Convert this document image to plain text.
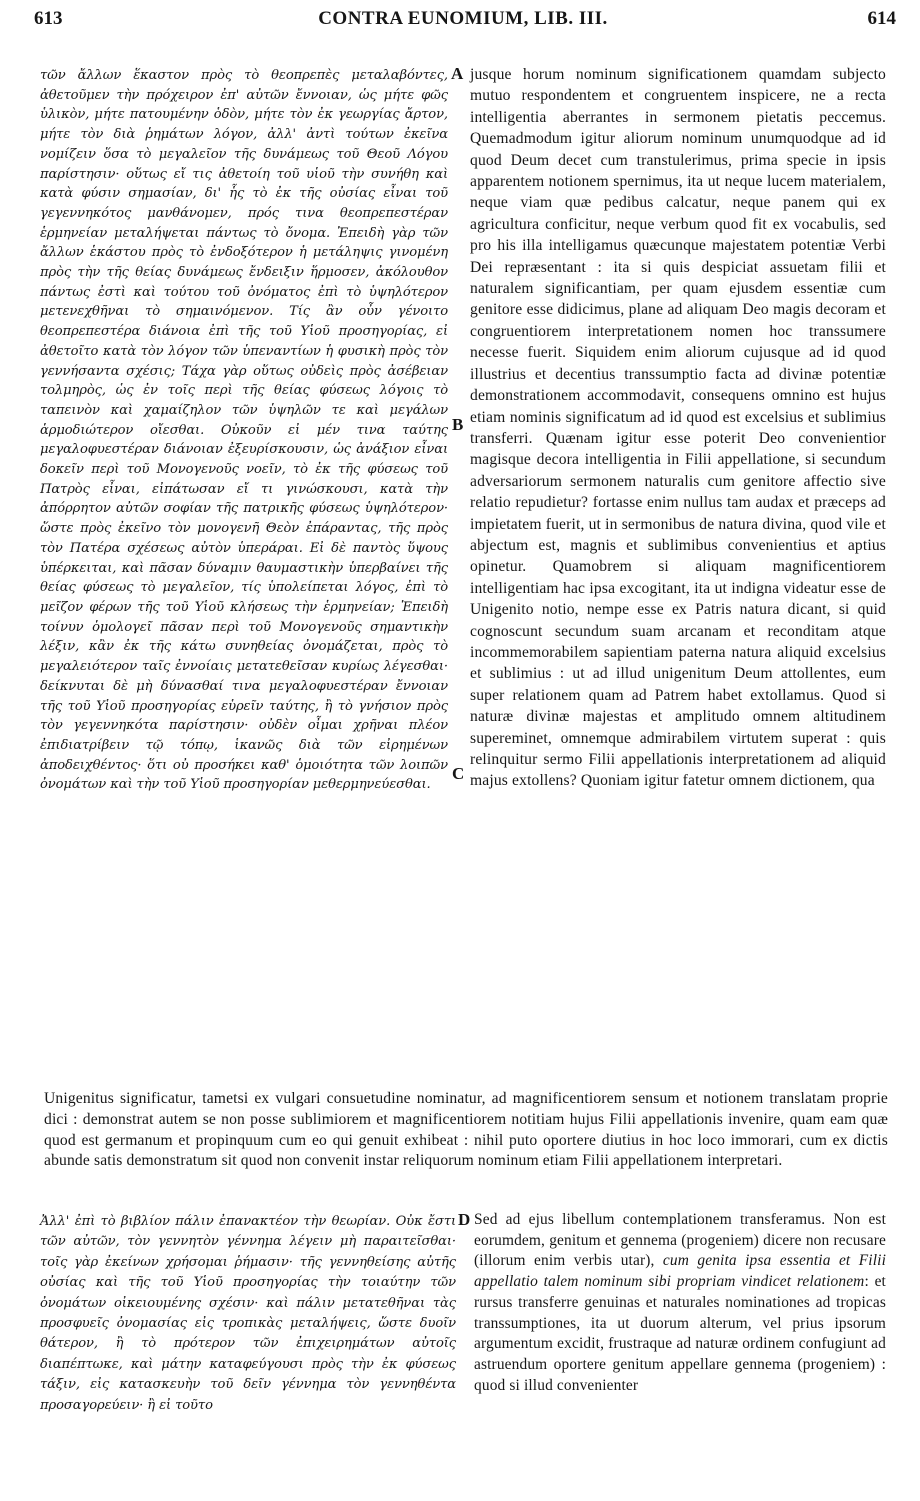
613	CONTRA EUNOMIUM, LIB. III.	614
A
B
C
D

τῶν ἄλλων ἕκαστον πρὸς τὸ θεοπρεπὲς μεταλαβόντες, ἀθετοῦμεν τὴν πρόχειρον ἐπ' αὐτῶν ἔννοιαν, ὡς μήτε φῶς ὑλικὸν, μήτε πατουμένην ὁδὸν, μήτε τὸν ἐκ γεωργίας ἄρτον, μήτε τὸν διὰ ῥημάτων λόγον, ἀλλ' ἀντὶ τούτων ἐκεῖνα νομίζειν ὅσα τὸ μεγαλεῖον τῆς δυνάμεως τοῦ Θεοῦ Λόγου παρίστησιν· οὕτως εἴ τις ἀθετοίη τοῦ υἱοῦ τὴν συνήθη καὶ κατὰ φύσιν σημασίαν, δι' ἧς τὸ ἐκ τῆς οὐσίας εἶναι τοῦ γεγεννηκότος μανθάνομεν, πρός τινα θεοπρεπεστέραν ἑρμηνείαν μεταλήψεται πάντως τὸ ὄνομα. Ἐπειδὴ γὰρ τῶν ἄλλων ἑκάστου πρὸς τὸ ἐνδοξότερον ἡ μετάληψις γινομένη πρὸς τὴν τῆς θείας δυνάμεως ἔνδειξιν ἥρμοσεν, ἀκόλουθον πάντως ἐστὶ καὶ τούτου τοῦ ὀνόματος ἐπὶ τὸ ὑψηλότερον μετενεχθῆναι τὸ σημαινόμενον. Τίς ἂν οὖν γένοιτο θεοπρεπεστέρα διάνοια ἐπὶ τῆς τοῦ Υἱοῦ προσηγορίας, εἰ ἀθετοῖτο κατὰ τὸν λόγον τῶν ὑπεναντίων ἡ φυσικὴ πρὸς τὸν γεννήσαντα σχέσις; Τάχα γὰρ οὕτως οὐδεὶς πρὸς ἀσέβειαν τολμηρὸς, ὡς ἐν τοῖς περὶ τῆς θείας φύσεως λόγοις τὸ ταπεινὸν καὶ χαμαίζηλον τῶν ὑψηλῶν τε καὶ μεγάλων ἁρμοδιώτερον οἴεσθαι. Οὐκοῦν εἰ μέν τινα ταύτης μεγαλοφυεστέραν διάνοιαν ἐξευρίσκουσιν, ὡς ἀνάξιον εἶναι δοκεῖν περὶ τοῦ Μονογενοῦς νοεῖν, τὸ ἐκ τῆς φύσεως τοῦ Πατρὸς εἶναι, εἰπάτωσαν εἴ τι γινώσκουσι, κατὰ τὴν ἀπόρρητον αὐτῶν σοφίαν τῆς πατρικῆς φύσεως ὑψηλότερον· ὥστε πρὸς ἐκεῖνο τὸν μονογενῆ Θεὸν ἐπάραντας, τῆς πρὸς τὸν Πατέρα σχέσεως αὐτὸν ὑπεράραι. Εἰ δὲ παντὸς ὕψους ὑπέρκειται, καὶ πᾶσαν δύναμιν θαυμαστικὴν ὑπερβαίνει τῆς θείας φύσεως τὸ μεγαλεῖον, τίς ὑπολείπεται λόγος, ἐπὶ τὸ μεῖζον φέρων τῆς τοῦ Υἱοῦ κλήσεως τὴν ἑρμηνείαν; Ἐπειδὴ τοίνυν ὁμολογεῖ πᾶσαν περὶ τοῦ Μονογενοῦς σημαντικὴν λέξιν, κἂν ἐκ τῆς κάτω συνηθείας ὀνομάζεται, πρὸς τὸ μεγαλειότερον ταῖς ἐννοίαις μετατεθεῖσαν κυρίως λέγεσθαι· δείκνυται δὲ μὴ δύνασθαί τινα μεγαλοφυεστέραν ἔννοιαν τῆς τοῦ Υἱοῦ προσηγορίας εὑρεῖν ταύτης, ἢ τὸ γνήσιον πρὸς τὸν γεγεννηκότα παρίστησιν· οὐδὲν οἶμαι χρῆναι πλέον ἐπιδιατρίβειν τῷ τόπῳ, ἱκανῶς διὰ τῶν εἰρημένων ἀποδειχθέντος· ὅτι οὐ προσήκει καθ' ὁμοιότητα τῶν λοιπῶν ὀνομάτων καὶ τὴν τοῦ Υἱοῦ προσηγορίαν μεθερμηνεύεσθαι.

jusque horum nominum significationem quamdam subjecto mutuo respondentem et congruentem inspicere, ne a recta intelligentia aberrantes in sermonem pietatis peccemus. Quemadmodum igitur aliorum nominum unumquodque ad id quod Deum decet cum transtulerimus, prima specie in ipsis apparentem notionem spernimus, ita ut neque lucem materialem, neque viam quæ pedibus calcatur, neque panem qui ex agricultura conficitur, neque verbum quod fit ex vocabulis, sed pro his illa intelligamus quæcunque majestatem potentiæ Verbi Dei repræsentant : ita si quis despiciat assuetam filii et naturalem significantiam, per quam ejusdem essentiæ cum genitore esse didicimus, plane ad aliquam Deo magis decoram et congruentiorem interpretationem nomen hoc transsumere necesse fuerit. Siquidem enim aliorum cujusque ad id quod illustrius et decentius transsumptio facta ad divinæ potentiæ demonstrationem accommodavit, consequens omnino est hujus etiam nominis significatum ad id quod est excelsius et sublimius transferri. Quænam igitur esse poterit Deo convenientior magisque decora intelligentia in Filii appellatione, si secundum adversariorum sermonem naturalis cum genitore affectio sive relatio repudietur? fortasse enim nullus tam audax et præceps ad impietatem fuerit, ut in sermonibus de natura divina, quod vile et abjectum est, magnis et sublimibus convenientius et aptius opinetur. Quamobrem si aliquam magnificentiorem intelligentiam hac ipsa excogitant, ita ut indigna videatur esse de Unigenito notio, nempe esse ex Patris natura dicant, si quid cognoscunt secundum suam arcanam et reconditam atque incommemorabilem sapientiam paterna natura aliquid excelsius et sublimius : ut ad illud unigenitum Deum attollentes, eum super relationem quam ad Patrem habet extollamus. Quod si naturæ divinæ majestas et amplitudo omnem altitudinem supereminet, omnemque admirabilem virtutem superat : quis relinquitur sermo Filii appellationis interpretationem ad aliquid majus extollens? Quoniam igitur fatetur omnem dictionem, qua

Unigenitus significatur, tametsi ex vulgari consuetudine nominatur, ad magnificentiorem sensum et notionem translatam proprie dici : demonstrat autem se non posse sublimiorem et magnificentiorem notitiam hujus Filii appellationis invenire, quam eam quæ quod est germanum et propinquum cum eo qui genuit exhibeat : nihil puto oportere diutius in hoc loco immorari, cum ex dictis abunde satis demonstratum sit quod non convenit instar reliquorum nominum etiam Filii appellationem interpretari.

Ἀλλ' ἐπὶ τὸ βιβλίον πάλιν ἐπανακτέον τὴν θεωρίαν. Οὐκ ἔστι τῶν αὐτῶν, τὸν γεννητὸν γέννημα λέγειν μὴ παραιτεῖσθαι· τοῖς γὰρ ἐκείνων χρήσομαι ῥήμασιν· τῆς γεννηθείσης αὐτῆς οὐσίας καὶ τῆς τοῦ Υἱοῦ προσηγορίας τὴν τοιαύτην τῶν ὀνομάτων οἰκειουμένης σχέσιν· καὶ πάλιν μετατεθῆναι τὰς προσφυεῖς ὀνομασίας εἰς τροπικὰς μεταλήψεις, ὥστε δυοῖν θάτερον, ἢ τὸ πρότερον τῶν ἐπιχειρημάτων αὐτοῖς διαπέπτωκε, καὶ μάτην καταφεύγουσι πρὸς τὴν ἐκ φύσεως τάξιν, εἰς κατασκευὴν τοῦ δεῖν γέννημα τὸν γεννηθέντα προσαγορεύειν· ἢ εἰ τοῦτο

Sed ad ejus libellum contemplationem transferamus. Non est eorumdem, genitum et gennema (progeniem) dicere non recusare (illorum enim verbis utar), cum genita ipsa essentia et Filii appellatio talem nominum sibi propriam vindicet relationem: et rursus transferre genuinas et naturales nominationes ad tropicas transsumptiones, ita ut duorum alterum, vel prius ipsorum argumentum excidit, frustraque ad naturæ ordinem confugiunt ad astruendum oportere genitum appellare gennema (progeniem) : quod si illud convenienter
